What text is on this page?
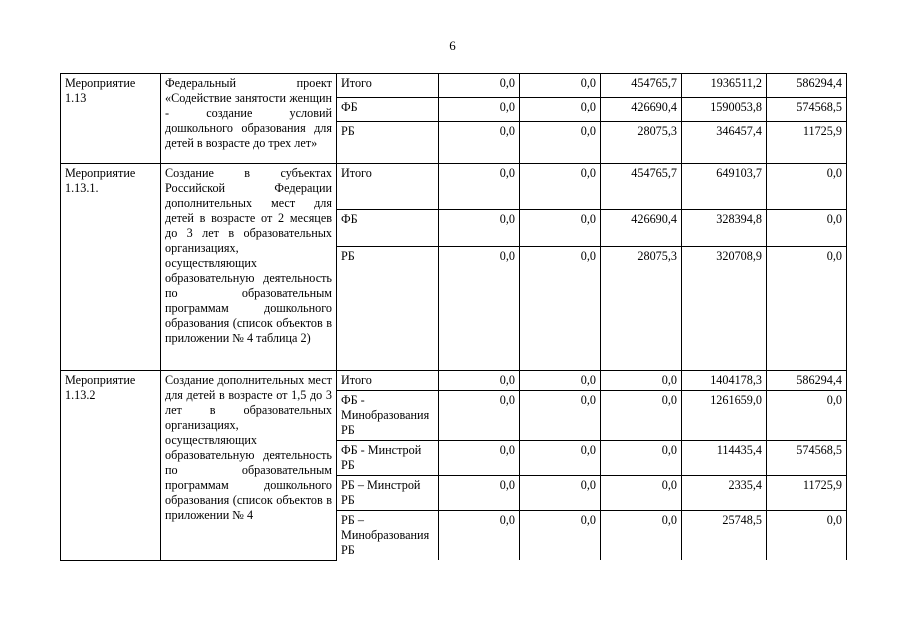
6
Мероприятие 1.13	Федеральный проект «Содействие занятости женщин - создание условий дошкольного образования для детей в возрасте до трех лет»	Итого	0,0	0,0	454765,7	1936511,2	586294,4
		ФБ	0,0	0,0	426690,4	1590053,8	574568,5
		РБ	0,0	0,0	28075,3	346457,4	11725,9
Мероприятие 1.13.1.	Создание в субъектах Российской Федерации дополнительных мест для детей в возрасте от 2 месяцев до 3 лет в образовательных организациях, осуществляющих образовательную деятельность по образовательным программам дошкольного образования (список объектов в приложении № 4 таблица 2)	Итого	0,0	0,0	454765,7	649103,7	0,0
		ФБ	0,0	0,0	426690,4	328394,8	0,0
		РБ	0,0	0,0	28075,3	320708,9	0,0
Мероприятие 1.13.2	Создание дополнительных мест для детей в возрасте от 1,5 до 3 лет в образовательных организациях, осуществляющих образовательную деятельность по образовательным программам дошкольного образования (список объектов в приложении № 4	Итого	0,0	0,0	0,0	1404178,3	586294,4
		ФБ - Минобразования РБ	0,0	0,0	0,0	1261659,0	0,0
		ФБ - Минстрой РБ	0,0	0,0	0,0	114435,4	574568,5
		РБ – Минстрой РБ	0,0	0,0	0,0	2335,4	11725,9
		РБ – Минобразования РБ	0,0	0,0	0,0	25748,5	0,0
